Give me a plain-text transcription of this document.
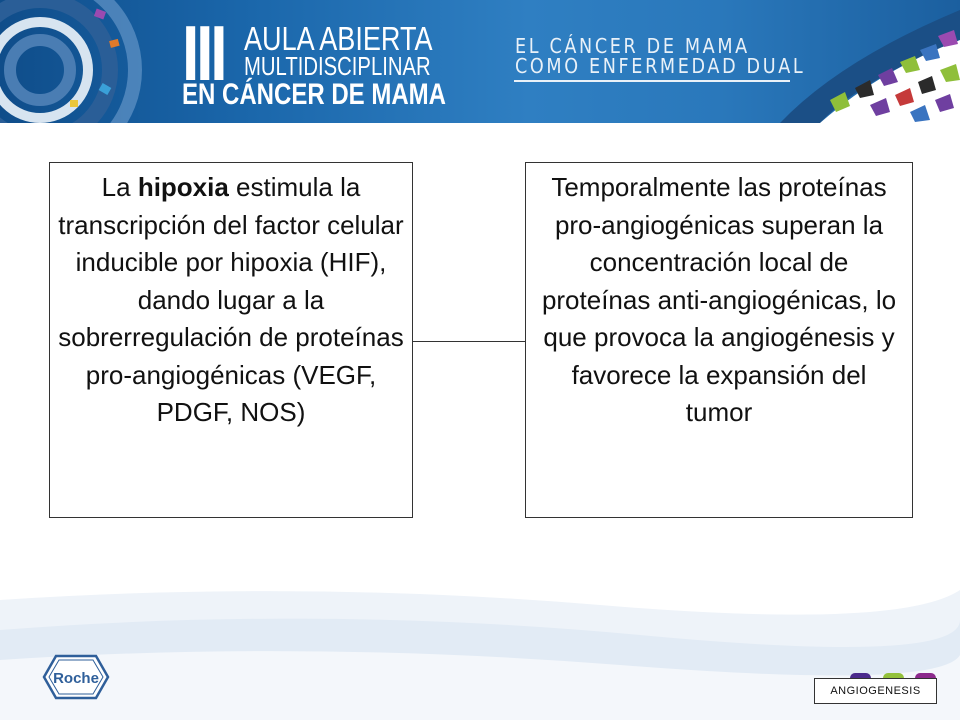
III AULA ABIERTA
MULTIDISCIPLINAR
EN CÁNCER DE MAMA
EL CÁNCER DE MAMA
COMO ENFERMEDAD DUAL
La hipoxia estimula la transcripción del factor celular inducible por hipoxia (HIF), dando lugar a la sobrerregulación de proteínas pro-angiogénicas (VEGF, PDGF, NOS)
Temporalmente las proteínas pro-angiogénicas superan la concentración local de proteínas anti-angiogénicas, lo que provoca la angiogénesis y favorece la expansión del tumor
Roche
ANGIOGENESIS
